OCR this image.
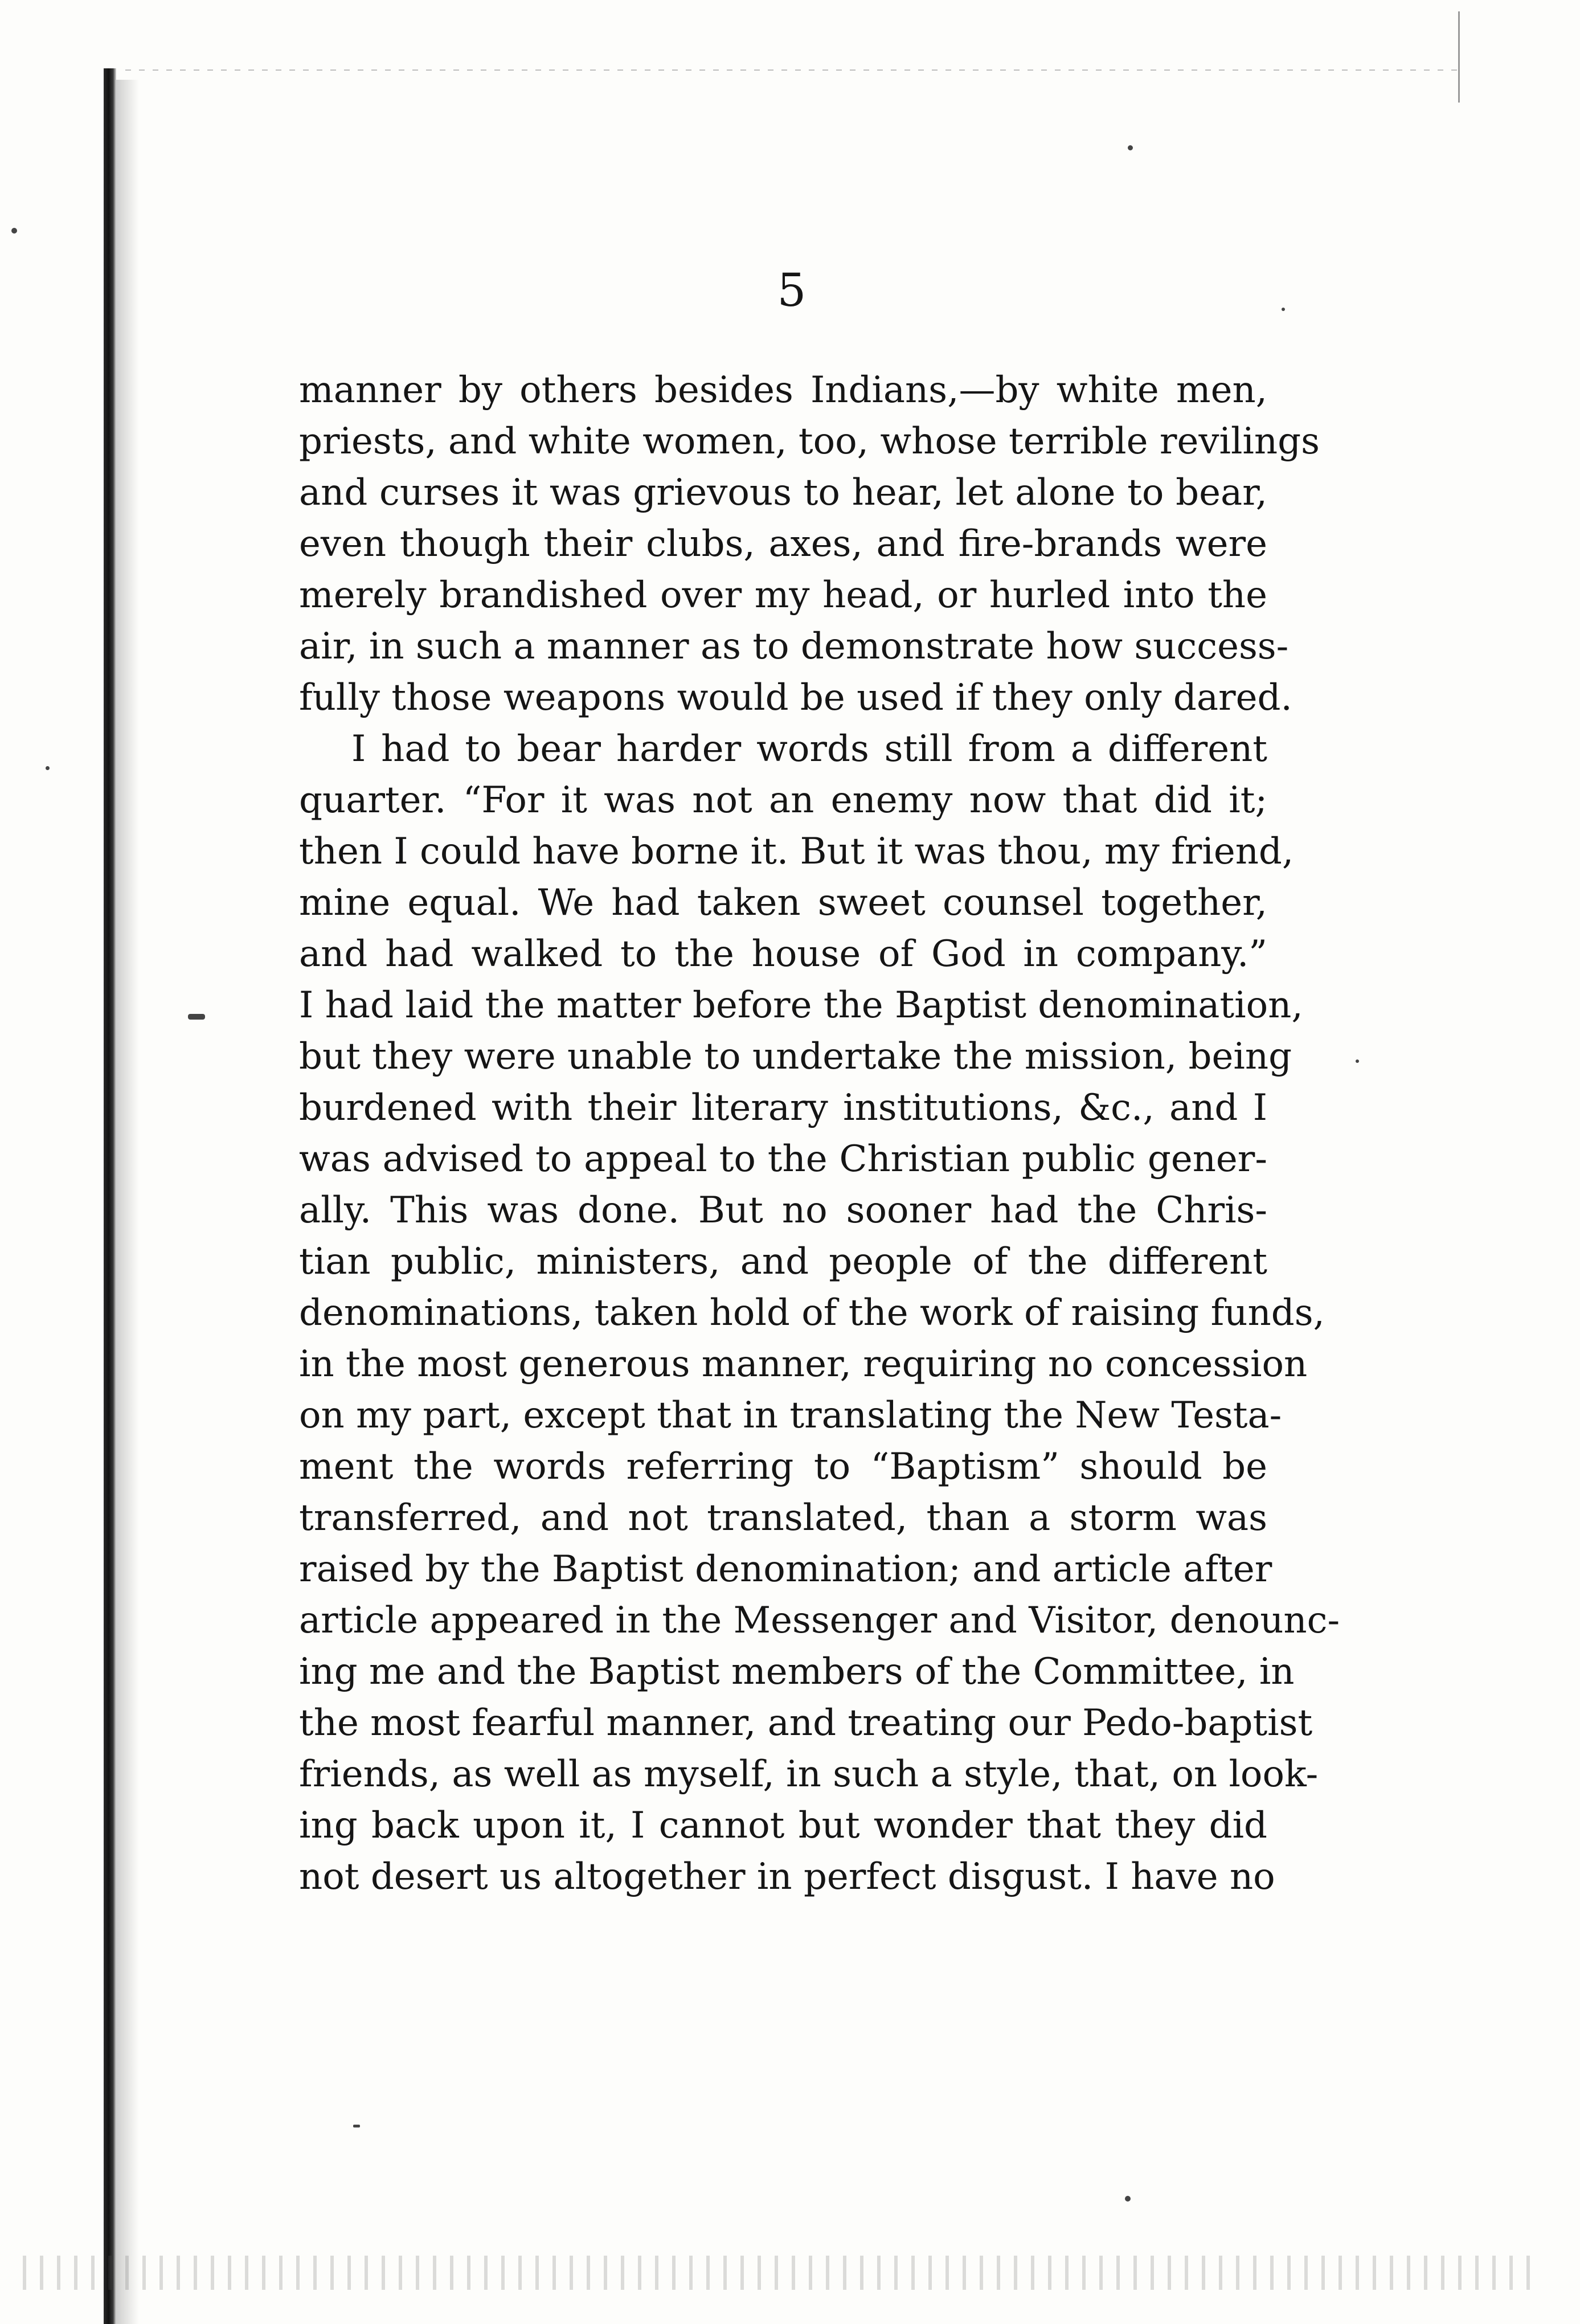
5
manner by others besides Indians,—by white men,
priests, and white women, too, whose terrible revilings
and curses it was grievous to hear, let alone to bear,
even though their clubs, axes, and fire-brands were
merely brandished over my head, or hurled into the
air, in such a manner as to demonstrate how success-
fully those weapons would be used if they only dared.
I had to bear harder words still from a different
quarter. “For it was not an enemy now that did it;
then I could have borne it. But it was thou, my friend,
mine equal. We had taken sweet counsel together,
and had walked to the house of God in company.”
I had laid the matter before the Baptist denomination,
but they were unable to undertake the mission, being
burdened with their literary institutions, &c., and I
was advised to appeal to the Christian public gener-
ally. This was done. But no sooner had the Chris-
tian public, ministers, and people of the different
denominations, taken hold of the work of raising funds,
in the most generous manner, requiring no concession
on my part, except that in translating the New Testa-
ment the words referring to “Baptism” should be
transferred, and not translated, than a storm was
raised by the Baptist denomination; and article after
article appeared in the Messenger and Visitor, denounc-
ing me and the Baptist members of the Committee, in
the most fearful manner, and treating our Pedo-baptist
friends, as well as myself, in such a style, that, on look-
ing back upon it, I cannot but wonder that they did
not desert us altogether in perfect disgust. I have no
